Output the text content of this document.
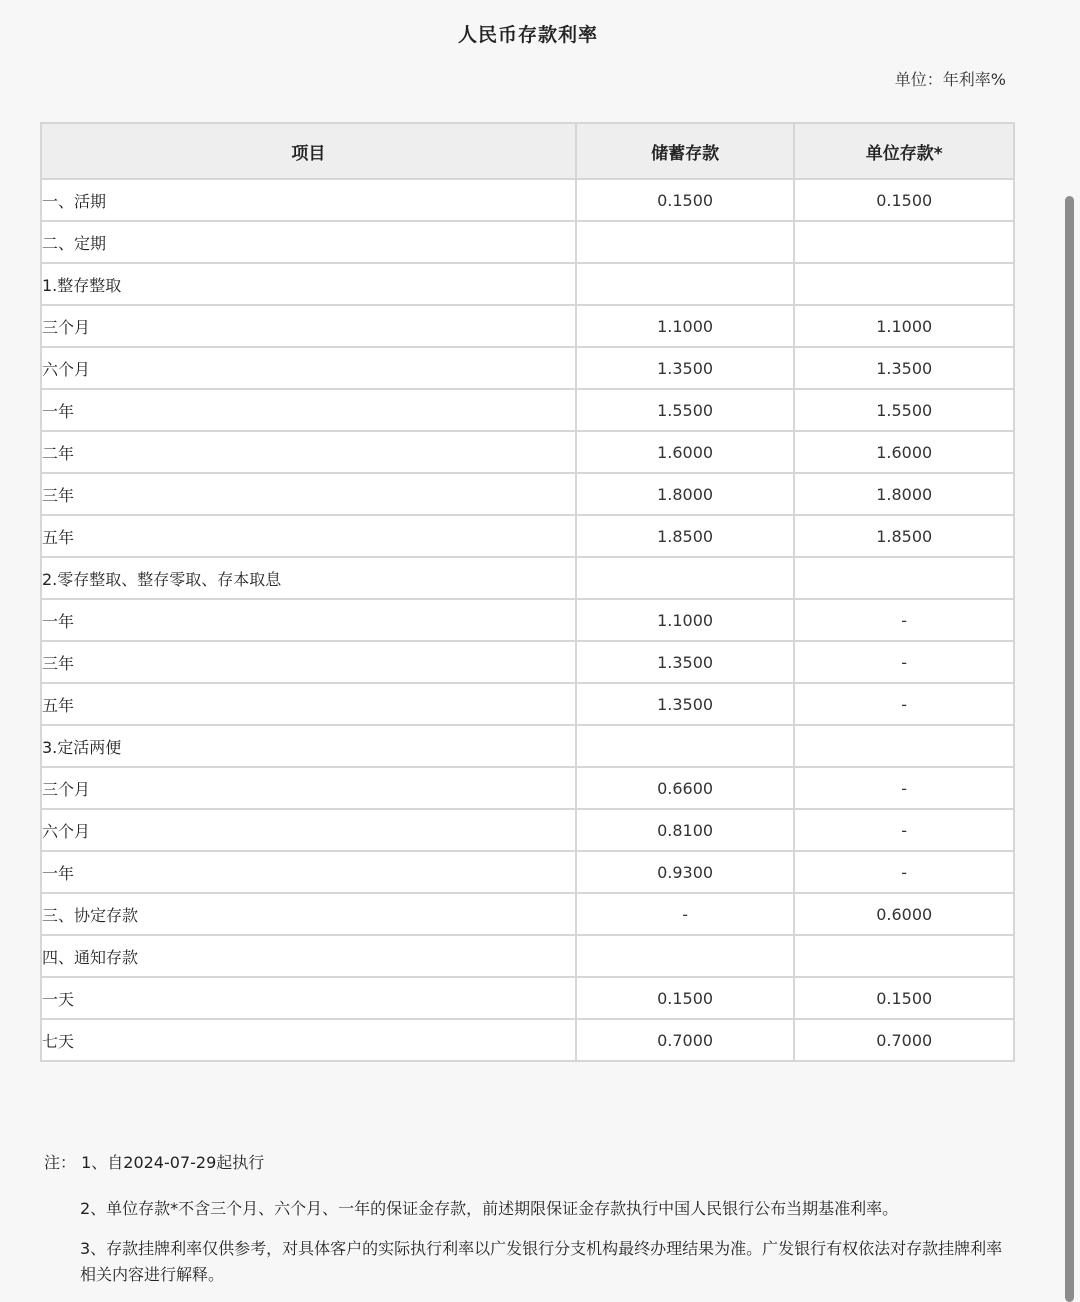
人民币存款利率
单位：年利率%
项目	储蓄存款	单位存款*
一、活期	0.1500	0.1500
二、定期		
1.整存整取		
三个月	1.1000	1.1000
六个月	1.3500	1.3500
一年	1.5500	1.5500
二年	1.6000	1.6000
三年	1.8000	1.8000
五年	1.8500	1.8500
2.零存整取、整存零取、存本取息		
一年	1.1000	-
三年	1.3500	-
五年	1.3500	-
3.定活两便		
三个月	0.6600	-
六个月	0.8100	-
一年	0.9300	-
三、协定存款	-	0.6000
四、通知存款		
一天	0.1500	0.1500
七天	0.7000	0.7000

注： 1、自2024-07-29起执行

2、单位存款*不含三个月、六个月、一年的保证金存款，前述期限保证金存款执行中国人民银行公布当期基准利率。

3、存款挂牌利率仅供参考，对具体客户的实际执行利率以广发银行分支机构最终办理结果为准。广发银行有权依法对存款挂牌利率相关内容进行解释。
